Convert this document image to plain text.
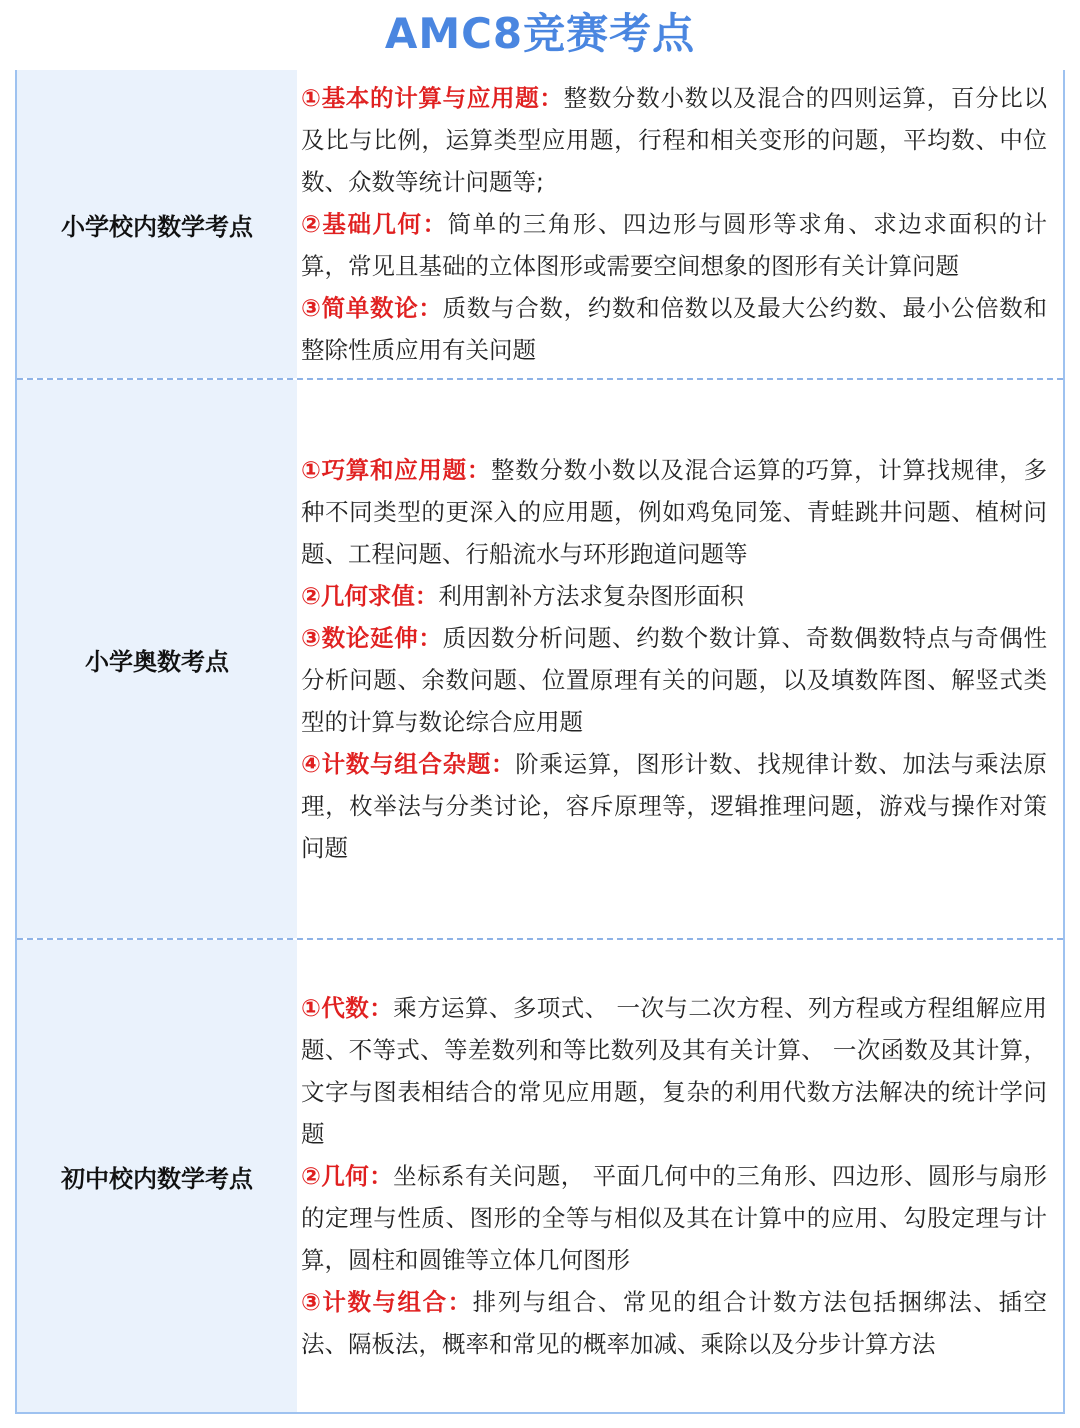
AMC8竞赛考点
小学校内数学考点
①基本的计算与应用题：整数分数小数以及混合的四则运算，百分比以及比与比例，运算类型应用题，行程和相关变形的问题，平均数、中位数、众数等统计问题等;
②基础几何：简单的三角形、四边形与圆形等求角、求边求面积的计算，常见且基础的立体图形或需要空间想象的图形有关计算问题
③简单数论：质数与合数，约数和倍数以及最大公约数、最小公倍数和整除性质应用有关问题
小学奥数考点
①巧算和应用题：整数分数小数以及混合运算的巧算，计算找规律，多种不同类型的更深入的应用题，例如鸡兔同笼、青蛙跳井问题、植树问题、工程问题、行船流水与环形跑道问题等
②几何求值：利用割补方法求复杂图形面积
③数论延伸：质因数分析问题、约数个数计算、奇数偶数特点与奇偶性分析问题、余数问题、位置原理有关的问题，以及填数阵图、解竖式类型的计算与数论综合应用题
④计数与组合杂题：阶乘运算，图形计数、找规律计数、加法与乘法原理，枚举法与分类讨论，容斥原理等，逻辑推理问题，游戏与操作对策问题
初中校内数学考点
①代数：乘方运算、多项式、 一次与二次方程、列方程或方程组解应用题、不等式、等差数列和等比数列及其有关计算、 一次函数及其计算，文字与图表相结合的常见应用题，复杂的利用代数方法解决的统计学问题
②几何：坐标系有关问题， 平面几何中的三角形、四边形、圆形与扇形的定理与性质、图形的全等与相似及其在计算中的应用、勾股定理与计算，圆柱和圆锥等立体几何图形
③计数与组合：排列与组合、常见的组合计数方法包括捆绑法、插空法、隔板法，概率和常见的概率加减、乘除以及分步计算方法
